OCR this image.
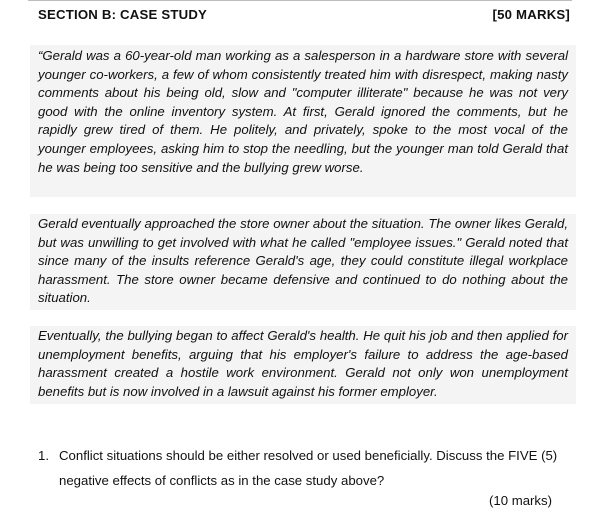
SECTION B: CASE STUDY	[50 MARKS]
“Gerald was a 60-year-old man working as a salesperson in a hardware store with several younger co-workers, a few of whom consistently treated him with disrespect, making nasty comments about his being old, slow and "computer illiterate" because he was not very good with the online inventory system. At first, Gerald ignored the comments, but he rapidly grew tired of them. He politely, and privately, spoke to the most vocal of the younger employees, asking him to stop the needling, but the younger man told Gerald that he was being too sensitive and the bullying grew worse.
Gerald eventually approached the store owner about the situation. The owner likes Gerald, but was unwilling to get involved with what he called "employee issues." Gerald noted that since many of the insults reference Gerald's age, they could constitute illegal workplace harassment. The store owner became defensive and continued to do nothing about the situation.
Eventually, the bullying began to affect Gerald's health. He quit his job and then applied for unemployment benefits, arguing that his employer's failure to address the age-based harassment created a hostile work environment. Gerald not only won unemployment benefits but is now involved in a lawsuit against his former employer.
1. Conflict situations should be either resolved or used beneficially. Discuss the FIVE (5) negative effects of conflicts as in the case study above?
(10 marks)
